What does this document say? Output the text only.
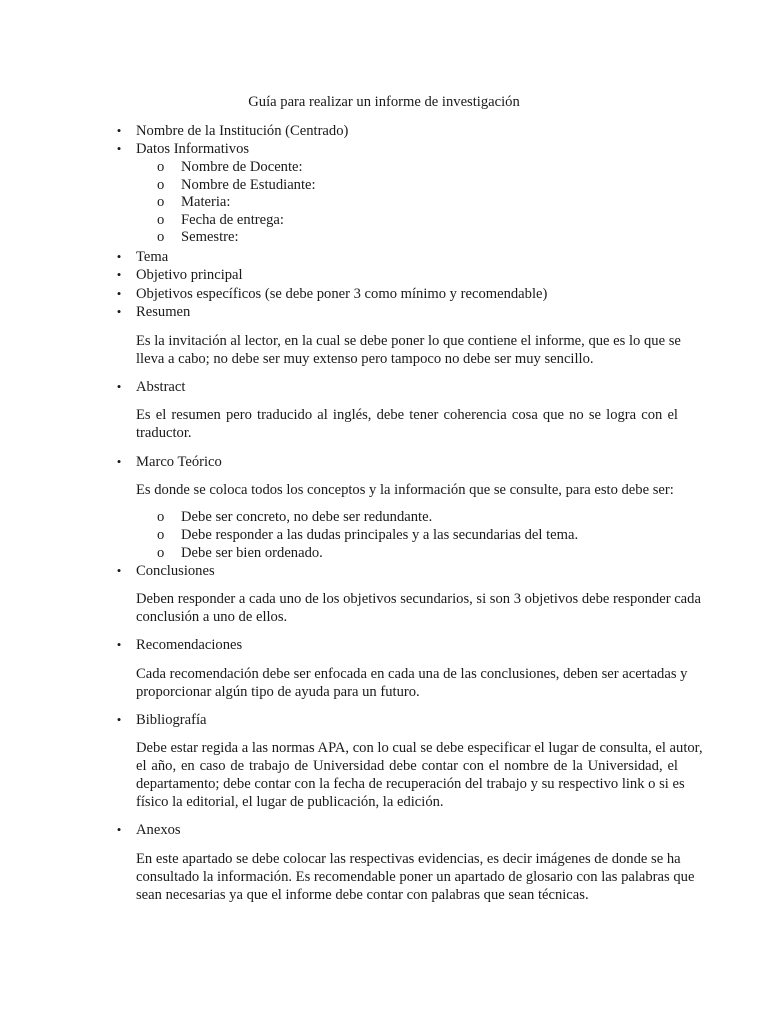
Guía para realizar un informe de investigación
•	Nombre de la Institución (Centrado)
•	Datos Informativos
o Nombre de Docente:
o Nombre de Estudiante:
o Materia:
o Fecha de entrega:
o Semestre:
•	Tema
•	Objetivo principal
•	Objetivos específicos (se debe poner 3 como mínimo y recomendable)
•	Resumen
Es la invitación al lector, en la cual se debe poner lo que contiene el informe, que es lo que se
lleva a cabo; no debe ser muy extenso pero tampoco no debe ser muy sencillo.
•	Abstract
Es el resumen pero traducido al inglés, debe tener coherencia cosa que no se logra con el
traductor.
•	Marco Teórico
Es donde se coloca todos los conceptos y la información que se consulte, para esto debe ser:
o Debe ser concreto, no debe ser redundante.
o Debe responder a las dudas principales y a las secundarias del tema.
o Debe ser bien ordenado.
•	Conclusiones
Deben responder a cada uno de los objetivos secundarios, si son 3 objetivos debe responder cada
conclusión a uno de ellos.
•	Recomendaciones
Cada recomendación debe ser enfocada en cada una de las conclusiones, deben ser acertadas y
proporcionar algún tipo de ayuda para un futuro.
•	Bibliografía
Debe estar regida a las normas APA, con lo cual se debe especificar el lugar de consulta, el autor,
el año, en caso de trabajo de Universidad debe contar con el nombre de la Universidad, el
departamento; debe contar con la fecha de recuperación del trabajo y su respectivo link o si es
físico la editorial, el lugar de publicación, la edición.
•	Anexos
En este apartado se debe colocar las respectivas evidencias, es decir imágenes de donde se ha
consultado la información. Es recomendable poner un apartado de glosario con las palabras que
sean necesarias ya que el informe debe contar con palabras que sean técnicas.
